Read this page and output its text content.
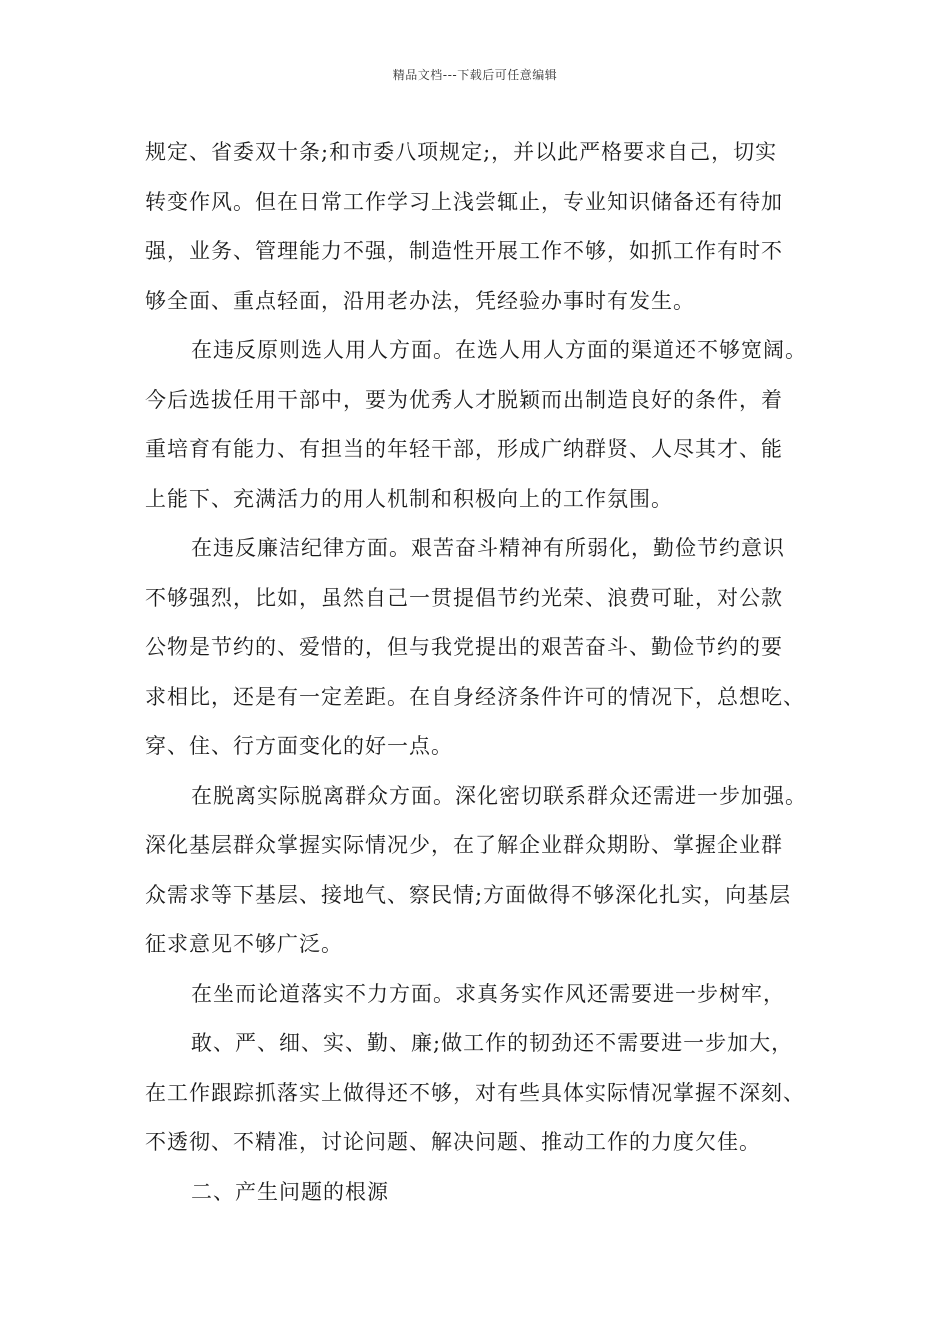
精品文档---下载后可任意编辑
规定、省委双十条;和市委八项规定;，并以此严格要求自己，切实
转变作风。但在日常工作学习上浅尝辄止，专业知识储备还有待加
强，业务、管理能力不强，制造性开展工作不够，如抓工作有时不
够全面、重点轻面，沿用老办法，凭经验办事时有发生。
在违反原则选人用人方面。在选人用人方面的渠道还不够宽阔。
今后选拔任用干部中，要为优秀人才脱颖而出制造良好的条件，着
重培育有能力、有担当的年轻干部，形成广纳群贤、人尽其才、能
上能下、充满活力的用人机制和积极向上的工作氛围。
在违反廉洁纪律方面。艰苦奋斗精神有所弱化，勤俭节约意识
不够强烈，比如，虽然自己一贯提倡节约光荣、浪费可耻，对公款
公物是节约的、爱惜的，但与我党提出的艰苦奋斗、勤俭节约的要
求相比，还是有一定差距。在自身经济条件许可的情况下，总想吃、
穿、住、行方面变化的好一点。
在脱离实际脱离群众方面。深化密切联系群众还需进一步加强。
深化基层群众掌握实际情况少，在了解企业群众期盼、掌握企业群
众需求等下基层、接地气、察民情;方面做得不够深化扎实，向基层
征求意见不够广泛。
在坐而论道落实不力方面。求真务实作风还需要进一步树牢，
敢、严、细、实、勤、廉;做工作的韧劲还不需要进一步加大，
在工作跟踪抓落实上做得还不够，对有些具体实际情况掌握不深刻、
不透彻、不精准，讨论问题、解决问题、推动工作的力度欠佳。
二、产生问题的根源
